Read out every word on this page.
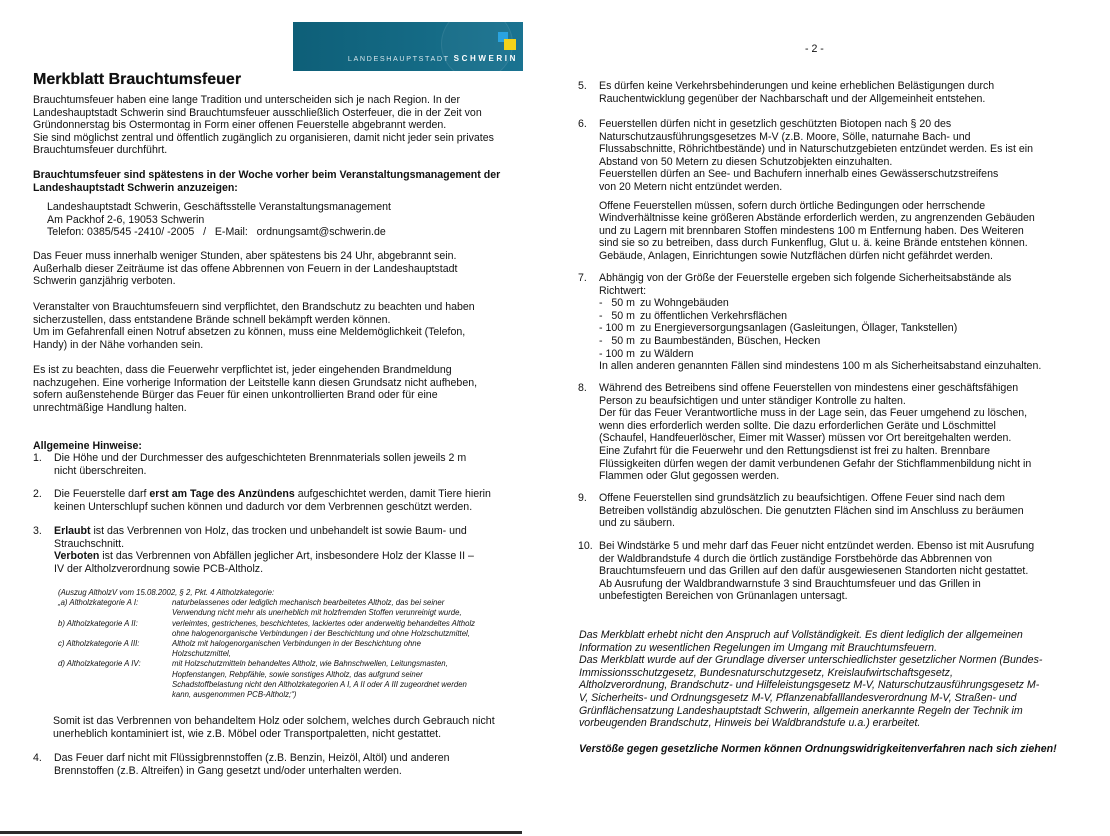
LANDESHAUPTSTADT SCHWERIN
Merkblatt Brauchtumsfeuer

Brauchtumsfeuer haben eine lange Tradition und unterscheiden sich je nach Region. In der

Landeshauptstadt Schwerin sind Brauchtumsfeuer ausschließlich Osterfeuer, die in der Zeit von

Gründonnerstag bis Ostermontag in Form einer offenen Feuerstelle abgebrannt werden.

Sie sind möglichst zentral und öffentlich zugänglich zu organisieren, damit nicht jeder sein privates

Brauchtumsfeuer durchführt.

Brauchtumsfeuer sind spätestens in der Woche vorher beim Veranstaltungsmanagement der

Landeshauptstadt Schwerin anzuzeigen:

Landeshauptstadt Schwerin, Geschäftsstelle Veranstaltungsmanagement

Am Packhof 2-6, 19053 Schwerin

Telefon: 0385/545 -2410/ -2005   /   E-Mail:   ordnungsamt@schwerin.de

Das Feuer muss innerhalb weniger Stunden, aber spätestens bis 24 Uhr, abgebrannt sein.

Außerhalb dieser Zeiträume ist das offene Abbrennen von Feuern in der Landeshauptstadt

Schwerin ganzjährig verboten.

Veranstalter von Brauchtumsfeuern sind verpflichtet, den Brandschutz zu beachten und haben

sicherzustellen, dass entstandene Brände schnell bekämpft werden können.

Um im Gefahrenfall einen Notruf absetzen zu können, muss eine Meldemöglichkeit (Telefon,

Handy) in der Nähe vorhanden sein.

Es ist zu beachten, dass die Feuerwehr verpflichtet ist, jeder eingehenden Brandmeldung

nachzugehen. Eine vorherige Information der Leitstelle kann diesen Grundsatz nicht aufheben,

sofern außenstehende Bürger das Feuer für einen unkontrollierten Brand oder für eine

unrechtmäßige Handlung halten.

Allgemeine Hinweise:
1. Die Höhe und der Durchmesser des aufgeschichteten Brennmaterials sollen jeweils 2 m

nicht überschreiten.

2. Die Feuerstelle darf erst am Tage des Anzündens aufgeschichtet werden, damit Tiere hierin

keinen Unterschlupf suchen können und dadurch vor dem Verbrennen geschützt werden.

3. Erlaubt ist das Verbrennen von Holz, das trocken und unbehandelt ist sowie Baum- und

Strauchschnitt.

Verboten ist das Verbrennen von Abfällen jeglicher Art, insbesondere Holz der Klasse II –

IV der Altholzverordnung sowie PCB-Altholz.

(Auszug AltholzV vom 15.08.2002, § 2, Pkt. 4 Altholzkategorie:
„a) Altholzkategorie A I:	naturbelassenes oder lediglich mechanisch bearbeitetes Altholz, das bei seiner
Verwendung nicht mehr als unerheblich mit holzfremden Stoffen verunreinigt wurde,
b) Altholzkategorie A II:	verleimtes, gestrichenes, beschichtetes, lackiertes oder anderweitig behandeltes Altholz
ohne halogenorganische Verbindungen i der Beschichtung und ohne Holzschutzmittel,
c) Altholzkategorie A III:	Altholz mit halogenorganischen Verbindungen in der Beschichtung ohne
Holzschutzmittel,
d) Altholzkategorie A IV:	mit Holzschutzmitteln behandeltes Altholz, wie Bahnschwellen, Leitungsmasten,
Hopfenstangen, Rebpfähle, sowie sonstiges Altholz, das aufgrund seiner
Schadstoffbelastung nicht den Altholzkategorien A I, A II oder A III zugeordnet werden
kann, ausgenommen PCB-Altholz;“)

Somit ist das Verbrennen von behandeltem Holz oder solchem, welches durch Gebrauch nicht

unerheblich kontaminiert ist, wie z.B. Möbel oder Transportpaletten, nicht gestattet.

4. Das Feuer darf nicht mit Flüssigbrennstoffen (z.B. Benzin, Heizöl, Altöl) und anderen

Brennstoffen (z.B. Altreifen) in Gang gesetzt und/oder unterhalten werden.

- 2 -
5. Es dürfen keine Verkehrsbehinderungen und keine erheblichen Belästigungen durch

Rauchentwicklung gegenüber der Nachbarschaft und der Allgemeinheit entstehen.

6. Feuerstellen dürfen nicht in gesetzlich geschützten Biotopen nach § 20 des

Naturschutzausführungsgesetzes M-V (z.B. Moore, Sölle, naturnahe Bach- und

Flussabschnitte, Röhrichtbestände) und in Naturschutzgebieten entzündet werden. Es ist ein

Abstand von 50 Metern zu diesen Schutzobjekten einzuhalten.

Feuerstellen dürfen an See- und Bachufern innerhalb eines Gewässerschutzstreifens

von 20 Metern nicht entzündet werden.

Offene Feuerstellen müssen, sofern durch örtliche Bedingungen oder herrschende

Windverhältnisse keine größeren Abstände erforderlich werden, zu angrenzenden Gebäuden

und zu Lagern mit brennbaren Stoffen mindestens 100 m Entfernung haben. Des Weiteren

sind sie so zu betreiben, dass durch Funkenflug, Glut u. ä. keine Brände entstehen können.

Gebäude, Anlagen, Einrichtungen sowie Nutzflächen dürfen nicht gefährdet werden.

7. Abhängig von der Größe der Feuerstelle ergeben sich folgende Sicherheitsabstände als

Richtwert:

-   50 m zu Wohngebäuden
-   50 m zu öffentlichen Verkehrsflächen
- 100 m zu Energieversorgungsanlagen (Gasleitungen, Öllager, Tankstellen)
-   50 m zu Baumbeständen, Büschen, Hecken
- 100 m zu Wäldern

In allen anderen genannten Fällen sind mindestens 100 m als Sicherheitsabstand einzuhalten.

8. Während des Betreibens sind offene Feuerstellen von mindestens einer geschäftsfähigen

Person zu beaufsichtigen und unter ständiger Kontrolle zu halten.

Der für das Feuer Verantwortliche muss in der Lage sein, das Feuer umgehend zu löschen,

wenn dies erforderlich werden sollte. Die dazu erforderlichen Geräte und Löschmittel

(Schaufel, Handfeuerlöscher, Eimer mit Wasser) müssen vor Ort bereitgehalten werden.

Eine Zufahrt für die Feuerwehr und den Rettungsdienst ist frei zu halten. Brennbare

Flüssigkeiten dürfen wegen der damit verbundenen Gefahr der Stichflammenbildung nicht in

Flammen oder Glut gegossen werden.

9. Offene Feuerstellen sind grundsätzlich zu beaufsichtigen. Offene Feuer sind nach dem

Betreiben vollständig abzulöschen. Die genutzten Flächen sind im Anschluss zu beräumen

und zu säubern.

10. Bei Windstärke 5 und mehr darf das Feuer nicht entzündet werden. Ebenso ist mit Ausrufung

der Waldbrandstufe 4 durch die örtlich zuständige Forstbehörde das Abbrennen von

Brauchtumsfeuern und das Grillen auf den dafür ausgewiesenen Standorten nicht gestattet.

Ab Ausrufung der Waldbrandwarnstufe 3 sind Brauchtumsfeuer und das Grillen in

unbefestigten Bereichen von Grünanlagen untersagt.

Das Merkblatt erhebt nicht den Anspruch auf Vollständigkeit. Es dient lediglich der allgemeinen

Information zu wesentlichen Regelungen im Umgang mit Brauchtumsfeuern.

Das Merkblatt wurde auf der Grundlage diverser unterschiedlichster gesetzlicher Normen (Bundes-

Immissionsschutzgesetz, Bundesnaturschutzgesetz, Kreislaufwirtschaftsgesetz,

Altholzverordnung, Brandschutz- und Hilfeleistungsgesetz M-V, Naturschutzausführungsgesetz M-

V, Sicherheits- und Ordnungsgesetz M-V, Pflanzenabfalllandesverordnung M-V, Straßen- und

Grünflächensatzung Landeshauptstadt Schwerin, allgemein anerkannte Regeln der Technik im

vorbeugenden Brandschutz, Hinweis bei Waldbrandstufe u.a.) erarbeitet.

Verstöße gegen gesetzliche Normen können Ordnungswidrigkeitenverfahren nach sich ziehen!
